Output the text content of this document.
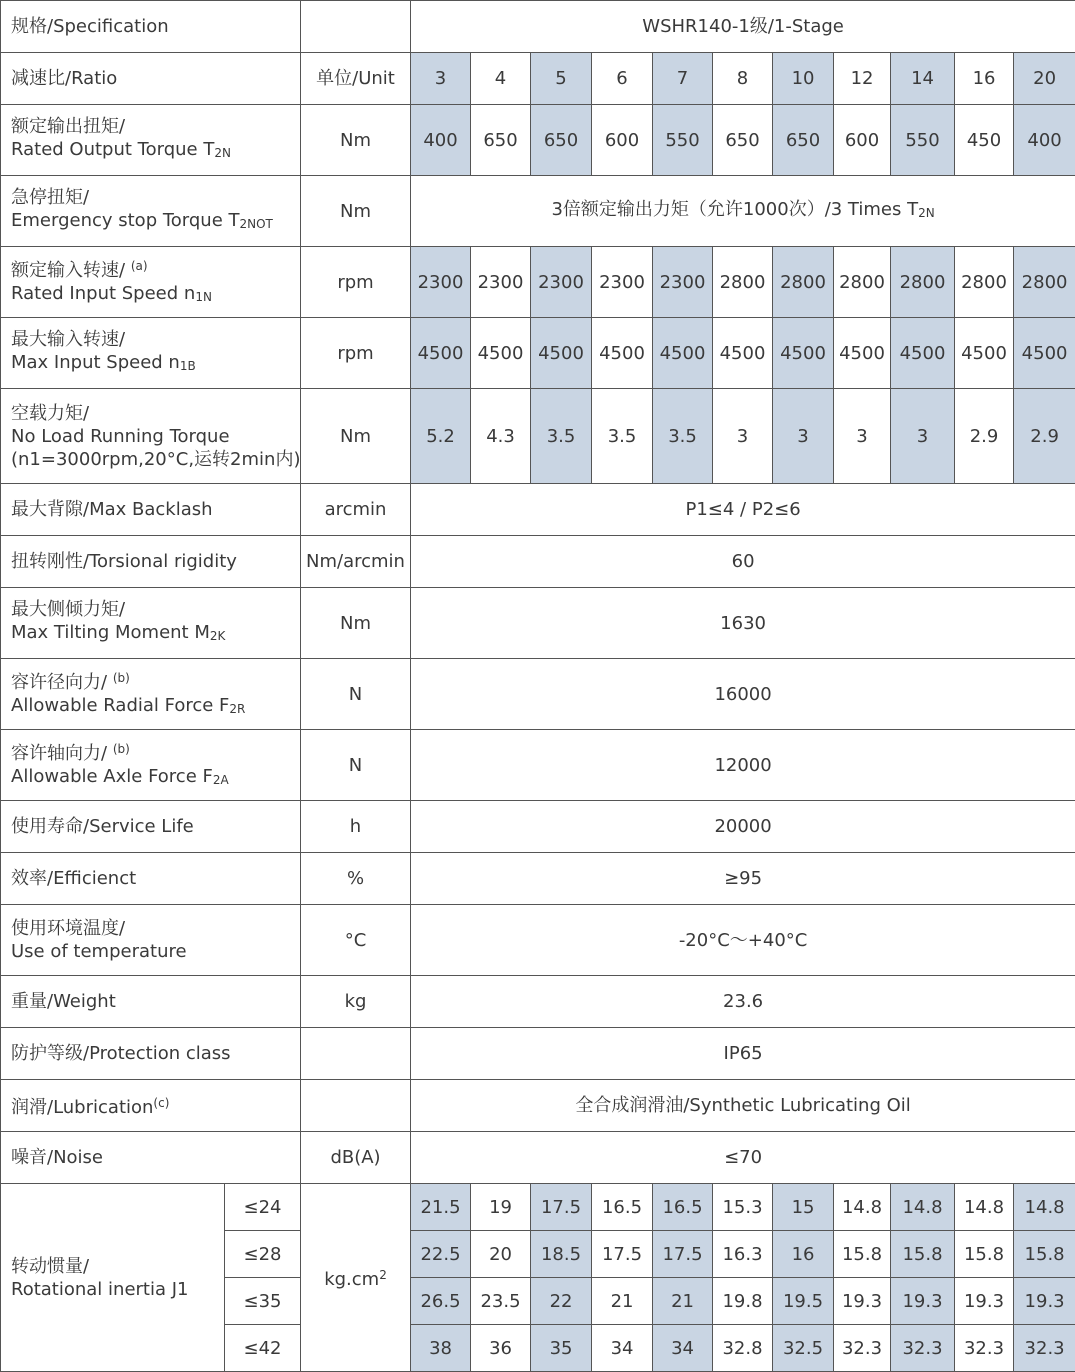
规格/Specification			WSHR140-1级/1-Stage										
减速比/Ratio		单位/Unit	3	4	5	6	7	8	10	12	14	16	20

额定输出扭矩/
Rated Output Torque $T_{2N}$		Nm	400	650	650	600	550	650	650	600	550	450	400

急停扭矩/
Emergency stop Torque $T_{2NOT}$		Nm	3倍额定输出力矩（允许1000次）/3 Times $T_{2N}$

额定输入转速/ $^{(a)}$
Rated Input Speed $n_{1N}$		rpm	2300	2300	2300	2300	2300	2800	2800	2800	2800	2800	2800

最大输入转速/
Max Input Speed $n_{1B}$		rpm	4500	4500	4500	4500	4500	4500	4500	4500	4500	4500	4500

空载力矩/
No Load Running Torque
(n1=3000rpm,20°C,运转2min内)		Nm	5.2	4.3	3.5	3.5	3.5	3	3	3	3	2.9	2.9
最大背隙/Max Backlash		arcmin	P1≤4 / P2≤6										
扭转刚性/Torsional rigidity		Nm/arcmin	60										

最大侧倾力矩/
Max Tilting Moment $M_{2K}$		Nm	1630										

容许径向力/ $^{(b)}$
Allowable Radial Force $F_{2R}$		N	16000										

容许轴向力/ $^{(b)}$
Allowable Axle Force $F_{2A}$		N	12000										
使用寿命/Service Life		h	20000										
效率/Efficienct		%	≥95										

使用环境温度/
Use of temperature		°C	-20°C～+40°C										
重量/Weight		kg	23.6										
防护等级/Protection class			IP65										
润滑/Lubrication$^{(c)}$			全合成润滑油/Synthetic Lubricating Oil										
噪音/Noise		dB(A)	≤70										

转动惯量/
Rotational inertia J1	≤24	$kg.cm^2$	21.5	19	17.5	16.5	16.5	15.3	15	14.8	14.8	14.8	14.8
	≤28		22.5	20	18.5	17.5	17.5	16.3	16	15.8	15.8	15.8	15.8
	≤35		26.5	23.5	22	21	21	19.8	19.5	19.3	19.3	19.3	19.3
	≤42		38	36	35	34	34	32.8	32.5	32.3	32.3	32.3	32.3
